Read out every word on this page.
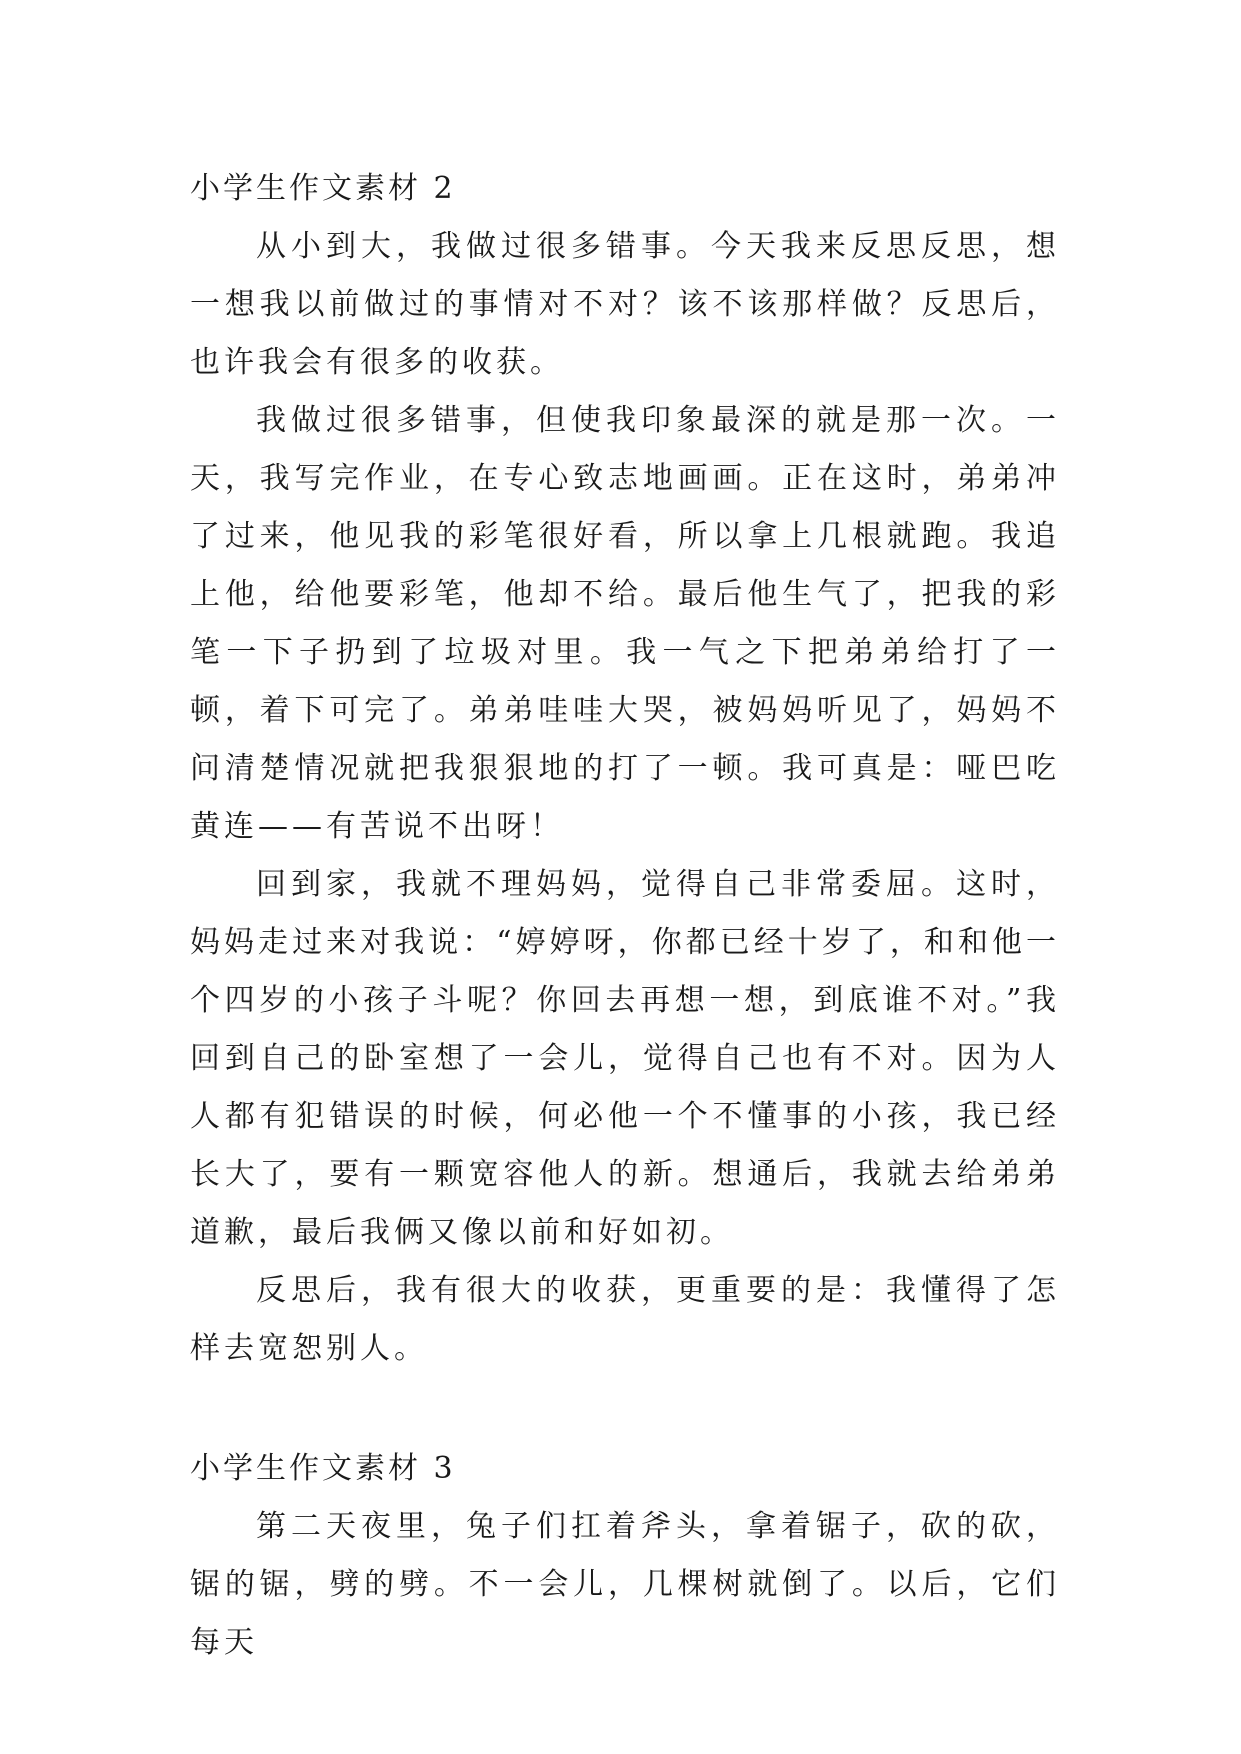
小学生作文素材 2

从小到大，我做过很多错事。今天我来反思反思，想一想我以前做过的事情对不对？该不该那样做？反思后，也许我会有很多的收获。

我做过很多错事，但使我印象最深的就是那一次。一天，我写完作业，在专心致志地画画。正在这时，弟弟冲了过来，他见我的彩笔很好看，所以拿上几根就跑。我追上他，给他要彩笔，他却不给。最后他生气了，把我的彩笔一下子扔到了垃圾对里。我一气之下把弟弟给打了一顿，着下可完了。弟弟哇哇大哭，被妈妈听见了，妈妈不问清楚情况就把我狠狠地的打了一顿。我可真是：哑巴吃黄连——有苦说不出呀！

回到家，我就不理妈妈，觉得自己非常委屈。这时，妈妈走过来对我说：“婷婷呀，你都已经十岁了，和和他一个四岁的小孩子斗呢？你回去再想一想，到底谁不对。”我回到自己的卧室想了一会儿，觉得自己也有不对。因为人人都有犯错误的时候，何必他一个不懂事的小孩，我已经长大了，要有一颗宽容他人的新。想通后，我就去给弟弟道歉，最后我俩又像以前和好如初。

反思后，我有很大的收获，更重要的是：我懂得了怎样去宽恕别人。

小学生作文素材 3

第二天夜里，兔子们扛着斧头，拿着锯子，砍的砍，锯的锯，劈的劈。不一会儿，几棵树就倒了。以后，它们每天
